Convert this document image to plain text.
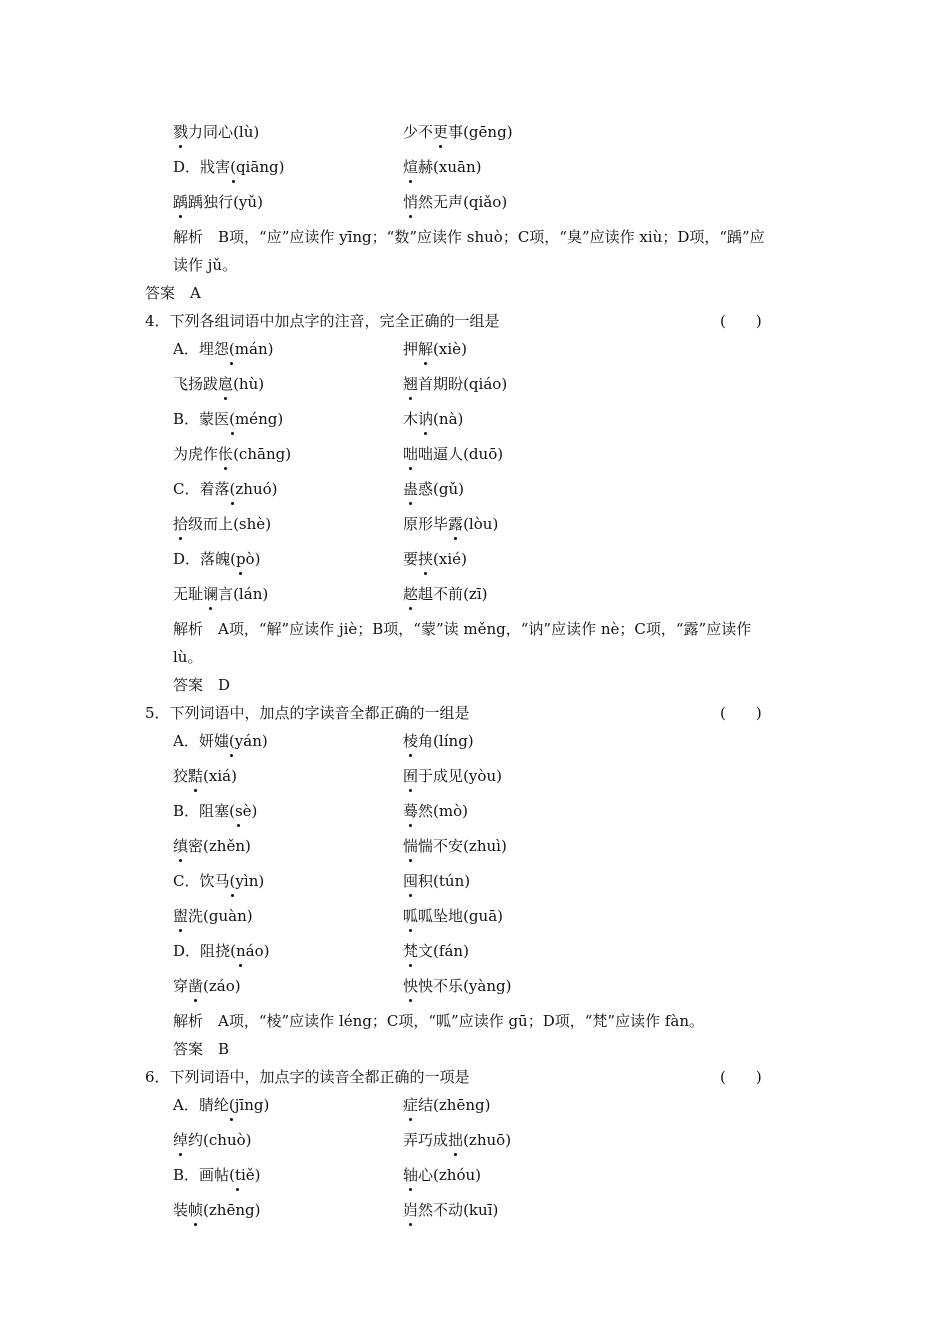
戮力同心(lù)	少不更事(gēng)
D．戕害(qiāng)	煊赫(xuān)
踽踽独行(yǔ)	悄然无声(qiǎo)
解析　B项，“应”应读作 yīng；“数”应读作 shuò；C项，“臭”应读作 xiù；D项，“踽”应
读作 jǔ。
答案　A
4．下列各组词语中加点字的注音，完全正确的一组是	(　　)
A．埋怨(mán)	押解(xiè)
飞扬跋扈(hù)	翘首期盼(qiáo)
B．蒙医(méng)	木讷(nà)
为虎作伥(chāng)	咄咄逼人(duō)
C．着落(zhuó)	蛊惑(gǔ)
拾级而上(shè)	原形毕露(lòu)
D．落魄(pò)	要挟(xié)
无耻谰言(lán)	趑趄不前(zī)
解析　A项，“解”应读作 jiè；B项，“蒙”读 měng，“讷”应读作 nè；C项，“露”应读作
lù。
答案　D
5．下列词语中，加点的字读音全都正确的一组是	(　　)
A．妍媸(yán)	棱角(líng)
狡黠(xiá)	囿于成见(yòu)
B．阻塞(sè)	蓦然(mò)
缜密(zhěn)	惴惴不安(zhuì)
C．饮马(yìn)	囤积(tún)
盥洗(guàn)	呱呱坠地(guā)
D．阻挠(náo)	梵文(fán)
穿凿(záo)	怏怏不乐(yàng)
解析　A项，“棱”应读作 léng；C项，“呱”应读作 gū；D项，“梵”应读作 fàn。
答案　B
6．下列词语中，加点字的读音全都正确的一项是	(　　)
A．腈纶(jīng)	症结(zhēng)
绰约(chuò)	弄巧成拙(zhuō)
B．画帖(tiě)	轴心(zhóu)
装帧(zhēng)	岿然不动(kuī)
